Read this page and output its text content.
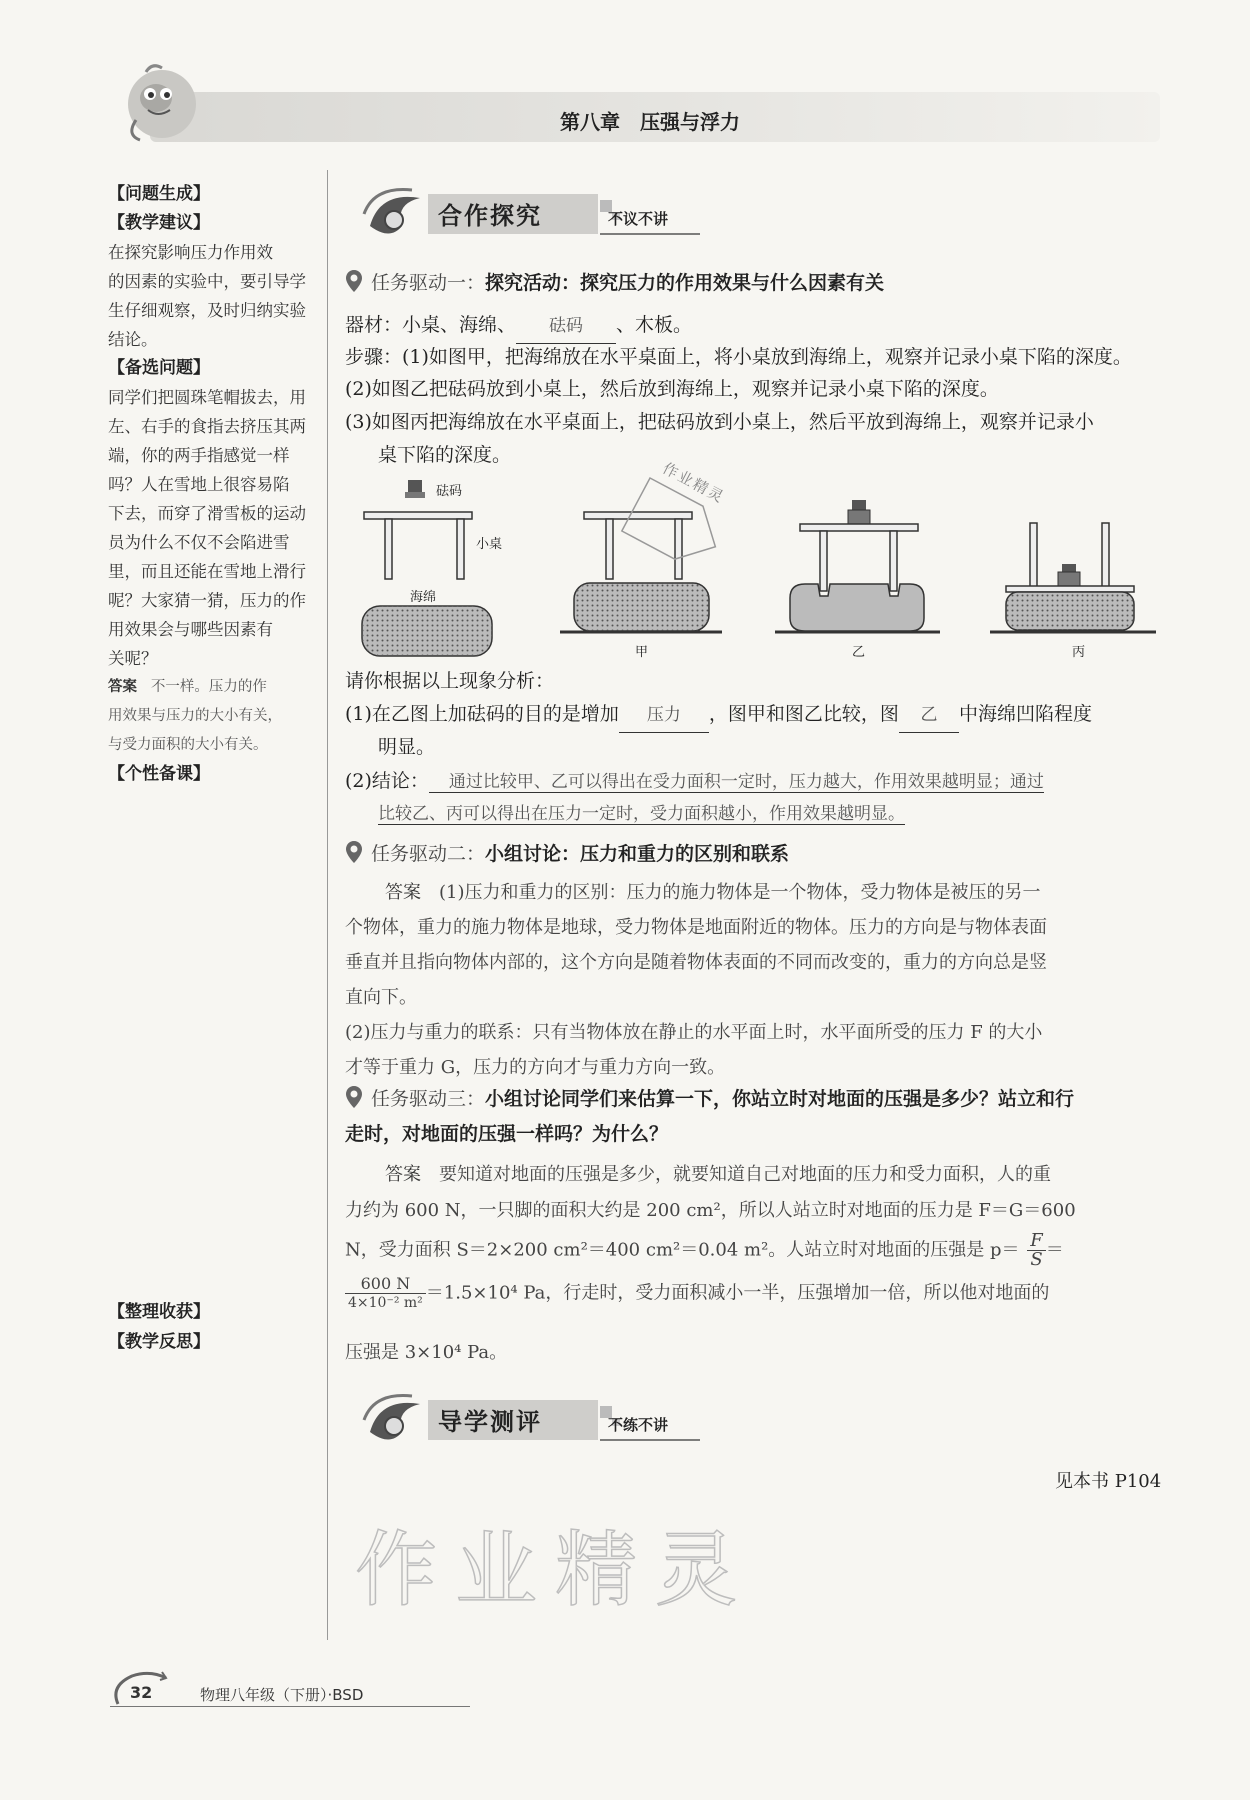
第八章　压强与浮力
【问题生成】
【教学建议】
在探究影响压力作用效
的因素的实验中，要引导学
生仔细观察，及时归纳实验
结论。
【备选问题】
同学们把圆珠笔帽拔去，用
左、右手的食指去挤压其两
端，你的两手指感觉一样
吗？人在雪地上很容易陷
下去，而穿了滑雪板的运动
员为什么不仅不会陷进雪
里，而且还能在雪地上滑行
呢？大家猜一猜，压力的作
用效果会与哪些因素有
关呢？
答案 不一样。压力的作
用效果与压力的大小有关，
与受力面积的大小有关。
【个性备课】
【整理收获】
【教学反思】
合作探究	不议不讲
任务驱动一：探究活动：探究压力的作用效果与什么因素有关
器材：小桌、海绵、 砝码 、木板。
步骤：(1)如图甲，把海绵放在水平桌面上，将小桌放到海绵上，观察并记录小桌下陷的深度。
(2)如图乙把砝码放到小桌上，然后放到海绵上，观察并记录小桌下陷的深度。
(3)如图丙把海绵放在水平桌面上，把砝码放到小桌上，然后平放到海绵上，观察并记录小
桌下陷的深度。
砝码
小桌
海绵
甲	乙	丙
作业精灵
请你根据以上现象分析：
(1)在乙图上加砝码的目的是增加 压力 ，图甲和图乙比较，图 乙 中海绵凹陷程度
明显。
(2)结论： 通过比较甲、乙可以得出在受力面积一定时，压力越大，作用效果越明显；通过
比较乙、丙可以得出在压力一定时，受力面积越小，作用效果越明显。
任务驱动二：小组讨论：压力和重力的区别和联系
答案 (1)压力和重力的区别：压力的施力物体是一个物体，受力物体是被压的另一
个物体，重力的施力物体是地球，受力物体是地面附近的物体。压力的方向是与物体表面
垂直并且指向物体内部的，这个方向是随着物体表面的不同而改变的，重力的方向总是竖
直向下。
(2)压力与重力的联系：只有当物体放在静止的水平面上时，水平面所受的压力 F 的大小
才等于重力 G，压力的方向才与重力方向一致。
任务驱动三：小组讨论同学们来估算一下，你站立时对地面的压强是多少？站立和行
走时，对地面的压强一样吗？为什么？
答案 要知道对地面的压强是多少，就要知道自己对地面的压力和受力面积，人的重
力约为 600 N，一只脚的面积大约是 200 cm²，所以人站立时对地面的压力是 F＝G＝600
N，受力面积 S＝2×200 cm²＝400 cm²＝0.04 m²。人站立时对地面的压强是 $p= \frac{F}{S}$ ＝
$\frac{600 N}{\text{4×10⁻² m²}} =1.5\times 10^4$ Pa，行走时，受力面积减小一半，压强增加一倍，所以他对地面的
压强是 3×10⁴ Pa。
导学测评	不练不讲
见本书 P104
作业精灵
32	物理八年级（下册）·BSD
